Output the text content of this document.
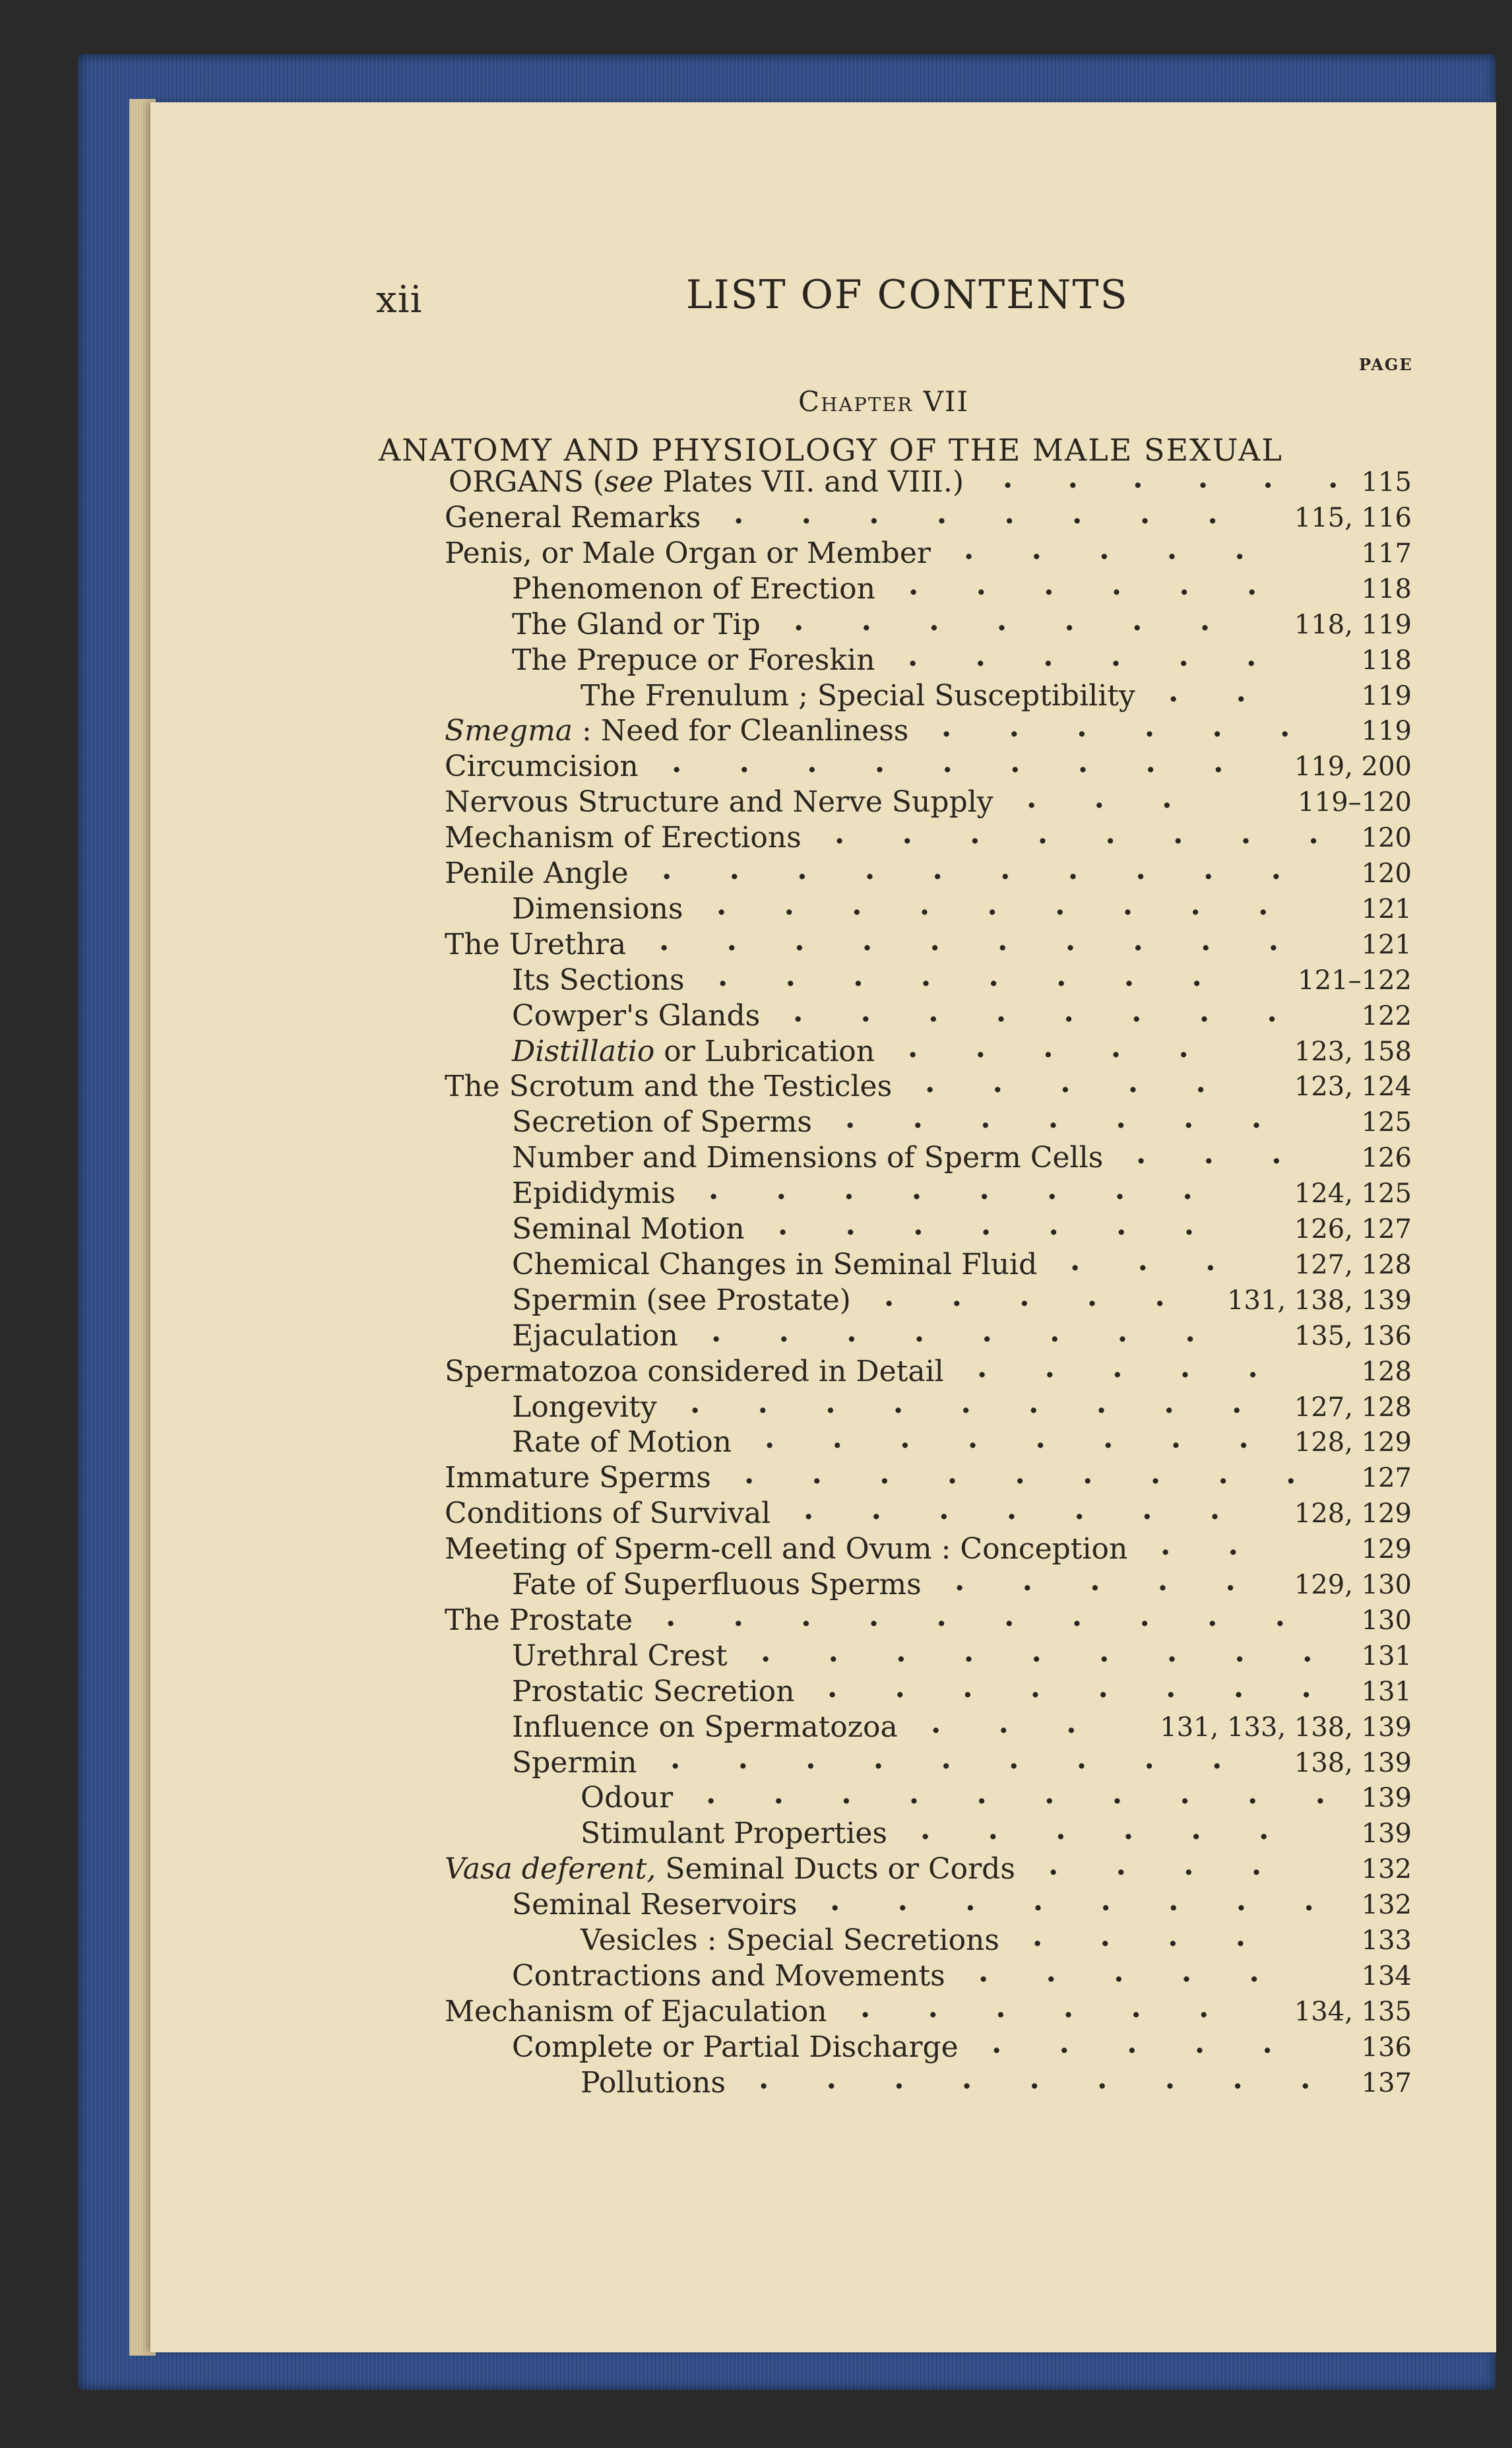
xii	LIST OF CONTENTS
PAGE
Chapter VII
ANATOMY AND PHYSIOLOGY OF THE MALE SEXUAL
ORGANS (see Plates VII. and VIII.) . . . . . . 115
General Remarks . . . . . . . . 115, 116
Penis, or Male Organ or Member . . . . .	117
Phenomenon of Erection . . . . . .	118
The Gland or Tip . . . . . . . 118, 119
The Prepuce or Foreskin . . . . . .	118
The Frenulum ; Special Susceptibility . .	119
Smegma : Need for Cleanliness . . . . . . 119
Circumcision . . . . . . . . . 119, 200
Nervous Structure and Nerve Supply . . .	119–120
Mechanism of Erections . . . . . . . . 120
Penile Angle . . . . . . . . . . 120
Dimensions . . . . . . . . .	121
The Urethra . . . . . . . . . . 121
Its Sections . . . . . . . .	121–122
Cowper's Glands . . . . . . . . 122
Distillatio or Lubrication . . . . .	123, 158
The Scrotum and the Testicles . . . . . 123, 124
Secretion of Sperms . . . . . . .	125
Number and Dimensions of Sperm Cells . . . 126
Epididymis . . . . . . . .	124, 125
Seminal Motion . . . . . . .	126, 127
Chemical Changes in Seminal Fluid . . . 127, 128
Spermin (see Prostate) . . . . . 131, 138, 139
Ejaculation . . . . . . . .	135, 136
Spermatozoa considered in Detail . . . . .	128
Longevity . . . . . . . . . 127, 128
Rate of Motion . . . . . . . . 128, 129
Immature Sperms . . . . . . . . . 127
Conditions of Survival . . . . . . . 128, 129
Meeting of Sperm-cell and Ovum : Conception . .	129
Fate of Superfluous Sperms . . . . . 129, 130
The Prostate . . . . . . . . . . 130
Urethral Crest . . . . . . . . . 131
Prostatic Secretion . . . . . . . . 131
Influence on Spermatozoa . . . 131, 133, 138, 139
Spermin . . . . . . . . . 138, 139
Odour . . . . . . . . . . 139
Stimulant Properties . . . . . .	139
Vasa deferent, Seminal Ducts or Cords . . . .	132
Seminal Reservoirs . . . . . . . . 132
Vesicles : Special Secretions . . . .	133
Contractions and Movements . . . . .	134
Mechanism of Ejaculation . . . . . . 134, 135
Complete or Partial Discharge . . . . . 136
Pollutions . . . . . . . . . 137
